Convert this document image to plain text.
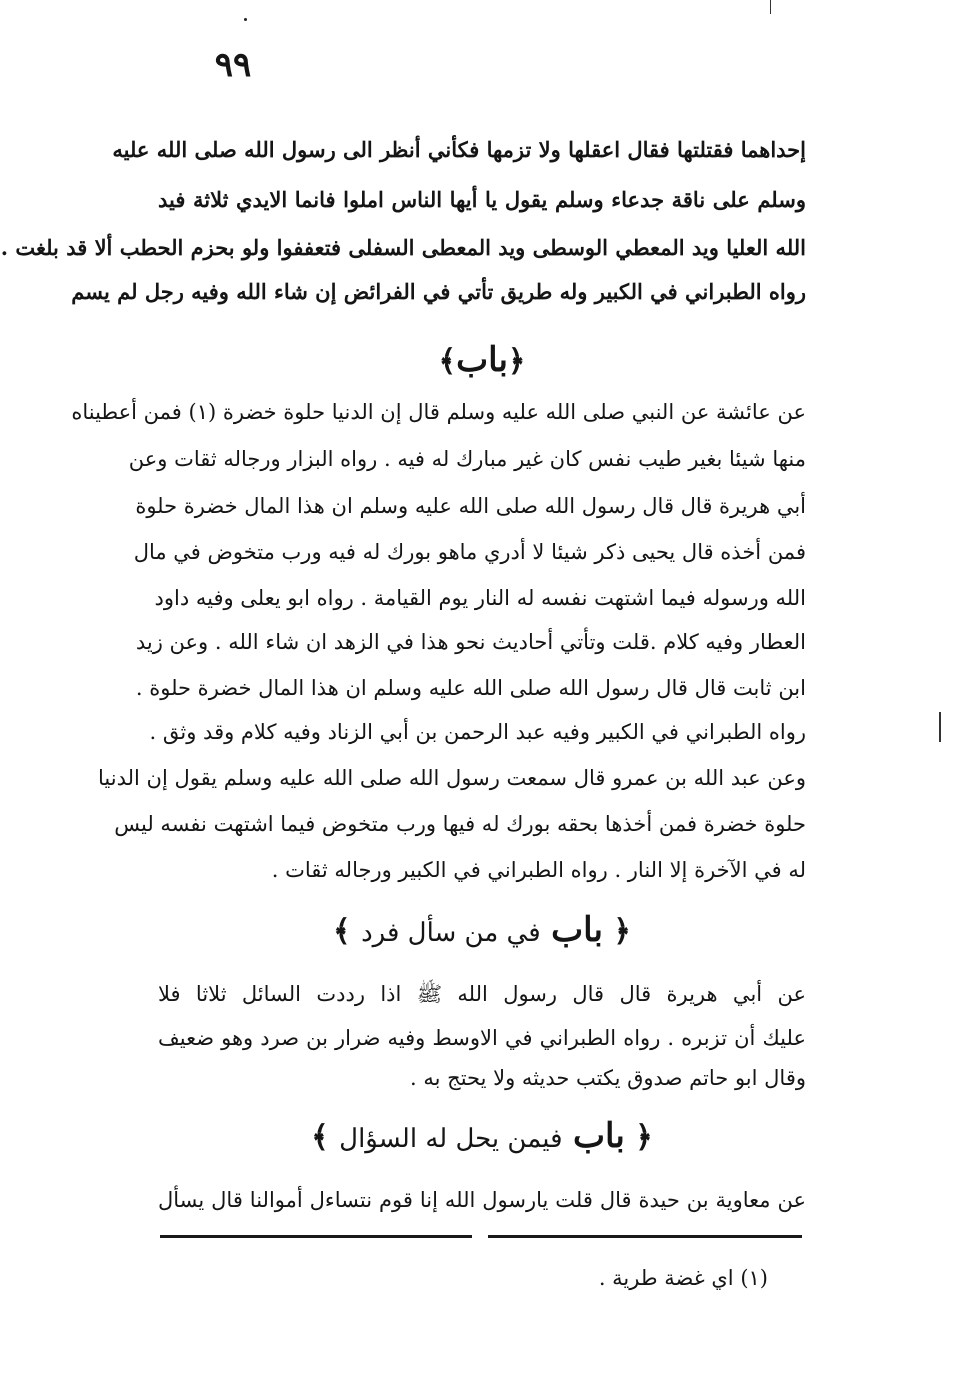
٩٩
إحداهما فقتلتها فقال اعقلها ولا تزمها فكأني أنظر الى رسول الله صلى الله عليه
وسلم على ناقة جدعاء وسلم يقول يا أيها الناس املوا فانما الايدي ثلاثة فيد
الله العليا ويد المعطي الوسطى ويد المعطى السفلى فتعففوا ولو بحزم الحطب ألا قد بلغت .
رواه الطبراني في الكبير وله طريق تأتي في الفرائض إن شاء الله وفيه رجل لم يسم
﴿باب﴾
عن عائشة عن النبي صلى الله عليه وسلم قال إن الدنيا حلوة خضرة (١) فمن أعطيناه
منها شيئا بغير طيب نفس كان غير مبارك له فيه . رواه البزار ورجاله ثقات وعن
أبي هريرة قال قال رسول الله صلى الله عليه وسلم ان هذا المال خضرة حلوة
فمن أخذه قال يحيى ذكر شيئا لا أدري ماهو بورك له فيه ورب متخوض في مال
الله ورسوله فيما اشتهت نفسه له النار يوم القيامة . رواه ابو يعلى وفيه داود
العطار وفيه كلام .قلت وتأتي أحاديث نحو هذا في الزهد ان شاء الله . وعن زيد
ابن ثابت قال قال رسول الله صلى الله عليه وسلم ان هذا المال خضرة حلوة .
رواه الطبراني في الكبير وفيه عبد الرحمن بن أبي الزناد وفيه كلام وقد وثق .
وعن عبد الله بن عمرو قال سمعت رسول الله صلى الله عليه وسلم يقول إن الدنيا
حلوة خضرة فمن أخذها بحقه بورك له فيها ورب متخوض فيما اشتهت نفسه ليس
له في الآخرة إلا النار . رواه الطبراني في الكبير ورجاله ثقات .
﴿ باب في من سأل فرد ﴾
عن أبي هريرة قال قال رسول الله ﷺ اذا رددت السائل ثلاثا فلا
عليك أن تزبره . رواه الطبراني في الاوسط وفيه ضرار بن صرد وهو ضعيف
وقال ابو حاتم صدوق يكتب حديثه ولا يحتج به .
﴿ باب فيمن يحل له السؤال ﴾
عن معاوية بن حيدة قال قلت يارسول الله إنا قوم نتساءل أموالنا قال يسأل
(١) اي غضة طرية .
